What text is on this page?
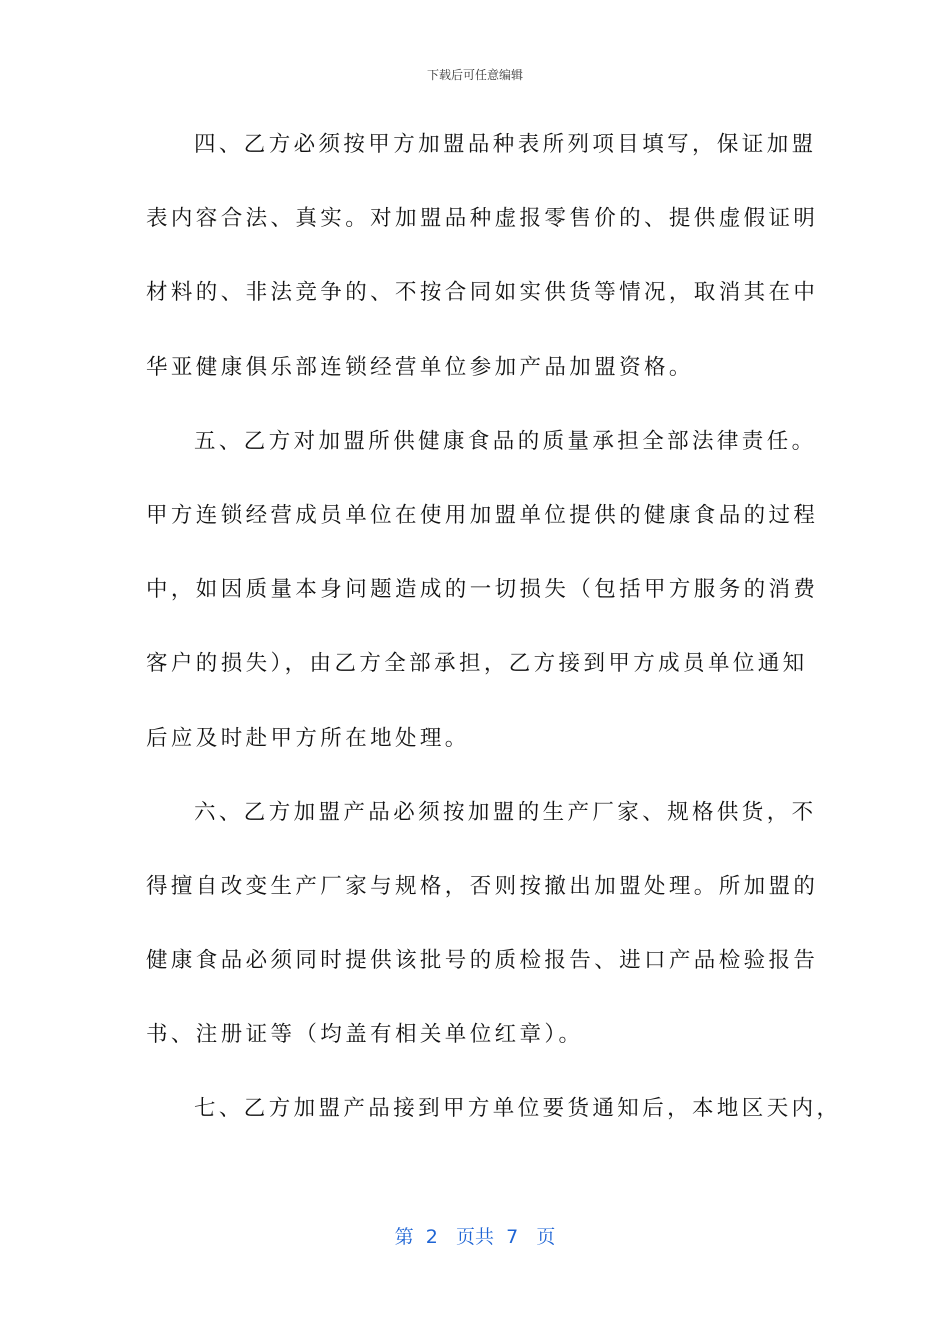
下载后可任意编辑
四、乙方必须按甲方加盟品种表所列项目填写，保证加盟
表内容合法、真实。对加盟品种虚报零售价的、提供虚假证明
材料的、非法竞争的、不按合同如实供货等情况，取消其在中
华亚健康俱乐部连锁经营单位参加产品加盟资格。
五、乙方对加盟所供健康食品的质量承担全部法律责任。
甲方连锁经营成员单位在使用加盟单位提供的健康食品的过程
中，如因质量本身问题造成的一切损失（包括甲方服务的消费
客户的损失），由乙方全部承担，乙方接到甲方成员单位通知
后应及时赴甲方所在地处理。
六、乙方加盟产品必须按加盟的生产厂家、规格供货，不
得擅自改变生产厂家与规格，否则按撤出加盟处理。所加盟的
健康食品必须同时提供该批号的质检报告、进口产品检验报告
书、注册证等（均盖有相关单位红章）。
七、乙方加盟产品接到甲方单位要货通知后，本地区天内，
第 2 页共 7 页
